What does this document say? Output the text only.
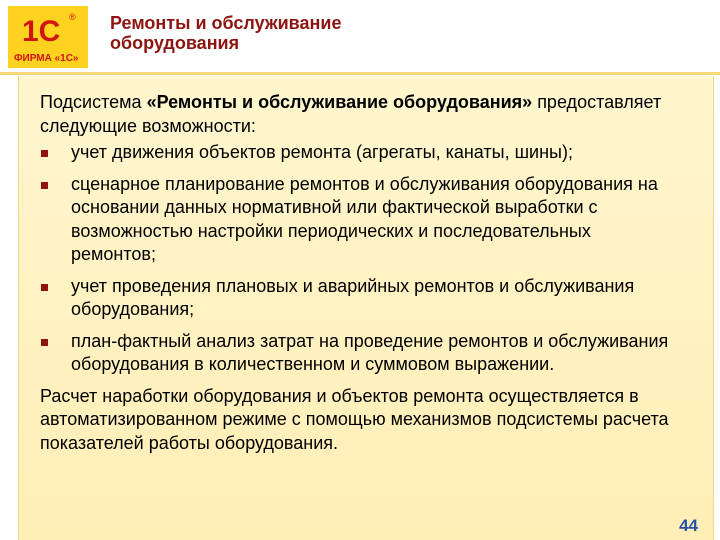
1С ®
ФИРМА «1С»
Ремонты и обслуживание
оборудования

Подсистема «Ремонты и обслуживание оборудования» предоставляет следующие возможности:

учет движения объектов ремонта (агрегаты, канаты, шины);
сценарное планирование ремонтов и обслуживания оборудования на основании данных нормативной или фактической выработки с возможностью настройки периодических и последовательных ремонтов;
учет проведения плановых и аварийных ремонтов и обслуживания оборудования;
план-фактный анализ затрат на проведение ремонтов и обслуживания оборудования в количественном и суммовом выражении.

Расчет наработки оборудования и объектов ремонта осуществляется в автоматизированном режиме с помощью механизмов подсистемы расчета показателей работы оборудования.

44
